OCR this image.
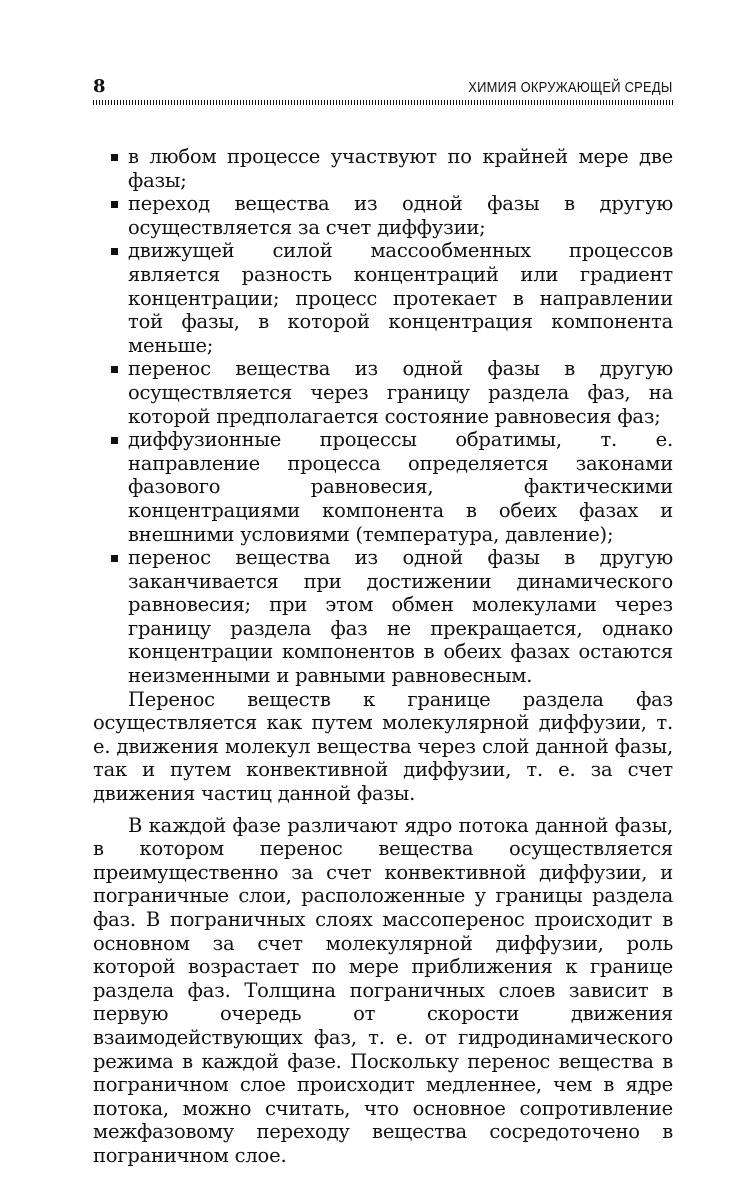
8	ХИМИЯ ОКРУЖАЮЩЕЙ СРЕДЫ
в любом процессе участвуют по крайней мере две фазы;
переход вещества из одной фазы в другую осуществляется за счет диффузии;
движущей силой массообменных процессов является разность концентраций или градиент концентрации; процесс протекает в направлении той фазы, в которой концентрация компонента меньше;
перенос вещества из одной фазы в другую осуществляется через границу раздела фаз, на которой предполагается состояние равновесия фаз;
диффузионные процессы обратимы, т. е. направление процесса определяется законами фазового равновесия, фактическими концентрациями компонента в обеих фазах и внешними условиями (температура, давление);
перенос вещества из одной фазы в другую заканчивается при достижении динамического равновесия; при этом обмен молекулами через границу раздела фаз не прекращается, однако концентрации компонентов в обеих фазах остаются неизменными и равными равновесным.

Перенос веществ к границе раздела фаз осуществляется как путем молекулярной диффузии, т. е. движения молекул вещества через слой данной фазы, так и путем конвективной диффузии, т. е. за счет движения частиц данной фазы.

В каждой фазе различают ядро потока данной фазы, в котором перенос вещества осуществляется преимущественно за счет конвективной диффузии, и пограничные слои, расположенные у границы раздела фаз. В пограничных слоях массоперенос происходит в основном за счет молекулярной диффузии, роль которой возрастает по мере приближения к границе раздела фаз. Толщина пограничных слоев зависит в первую очередь от скорости движения взаимодействующих фаз, т. е. от гидродинамического режима в каждой фазе. Поскольку перенос вещества в пограничном слое происходит медленнее, чем в ядре потока, можно считать, что основное сопротивление межфазовому переходу вещества сосредоточено в пограничном слое.
